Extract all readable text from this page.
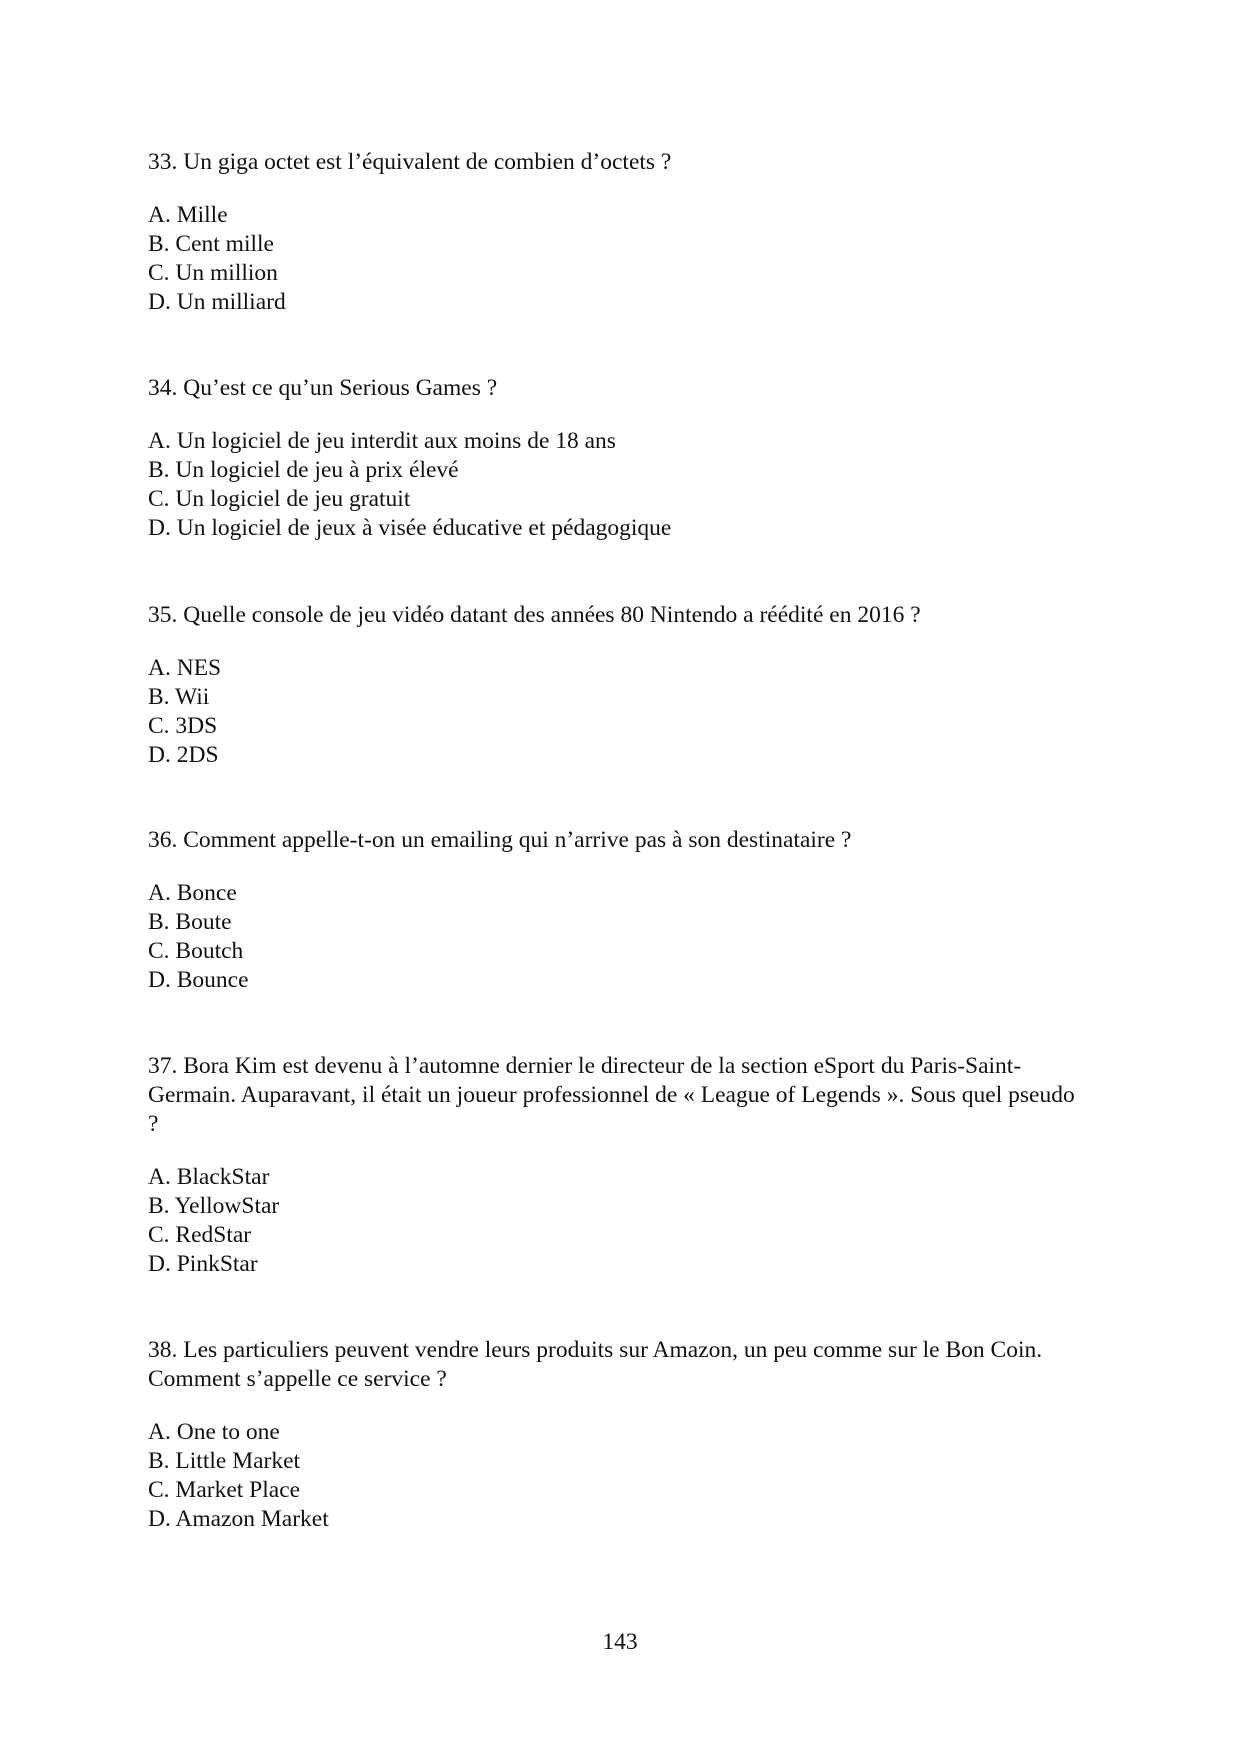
33. Un giga octet est l’équivalent de combien d’octets ?

A. Mille
B. Cent mille
C. Un million
D. Un milliard

34. Qu’est ce qu’un Serious Games ?

A. Un logiciel de jeu interdit aux moins de 18 ans
B. Un logiciel de jeu à prix élevé
C. Un logiciel de jeu gratuit
D. Un logiciel de jeux à visée éducative et pédagogique

35. Quelle console de jeu vidéo datant des années 80 Nintendo a réédité en 2016 ?

A. NES
B. Wii
C. 3DS
D. 2DS

36. Comment appelle-t-on un emailing qui n’arrive pas à son destinataire ?

A. Bonce
B. Boute
C. Boutch
D. Bounce

37. Bora Kim est devenu à l’automne dernier le directeur de la section eSport du Paris-Saint-Germain. Auparavant, il était un joueur professionnel de « League of Legends ». Sous quel pseudo ?

A. BlackStar
B. YellowStar
C. RedStar
D. PinkStar

38. Les particuliers peuvent vendre leurs produits sur Amazon, un peu comme sur le Bon Coin. Comment s’appelle ce service ?

A. One to one
B. Little Market
C. Market Place
D. Amazon Market
143
